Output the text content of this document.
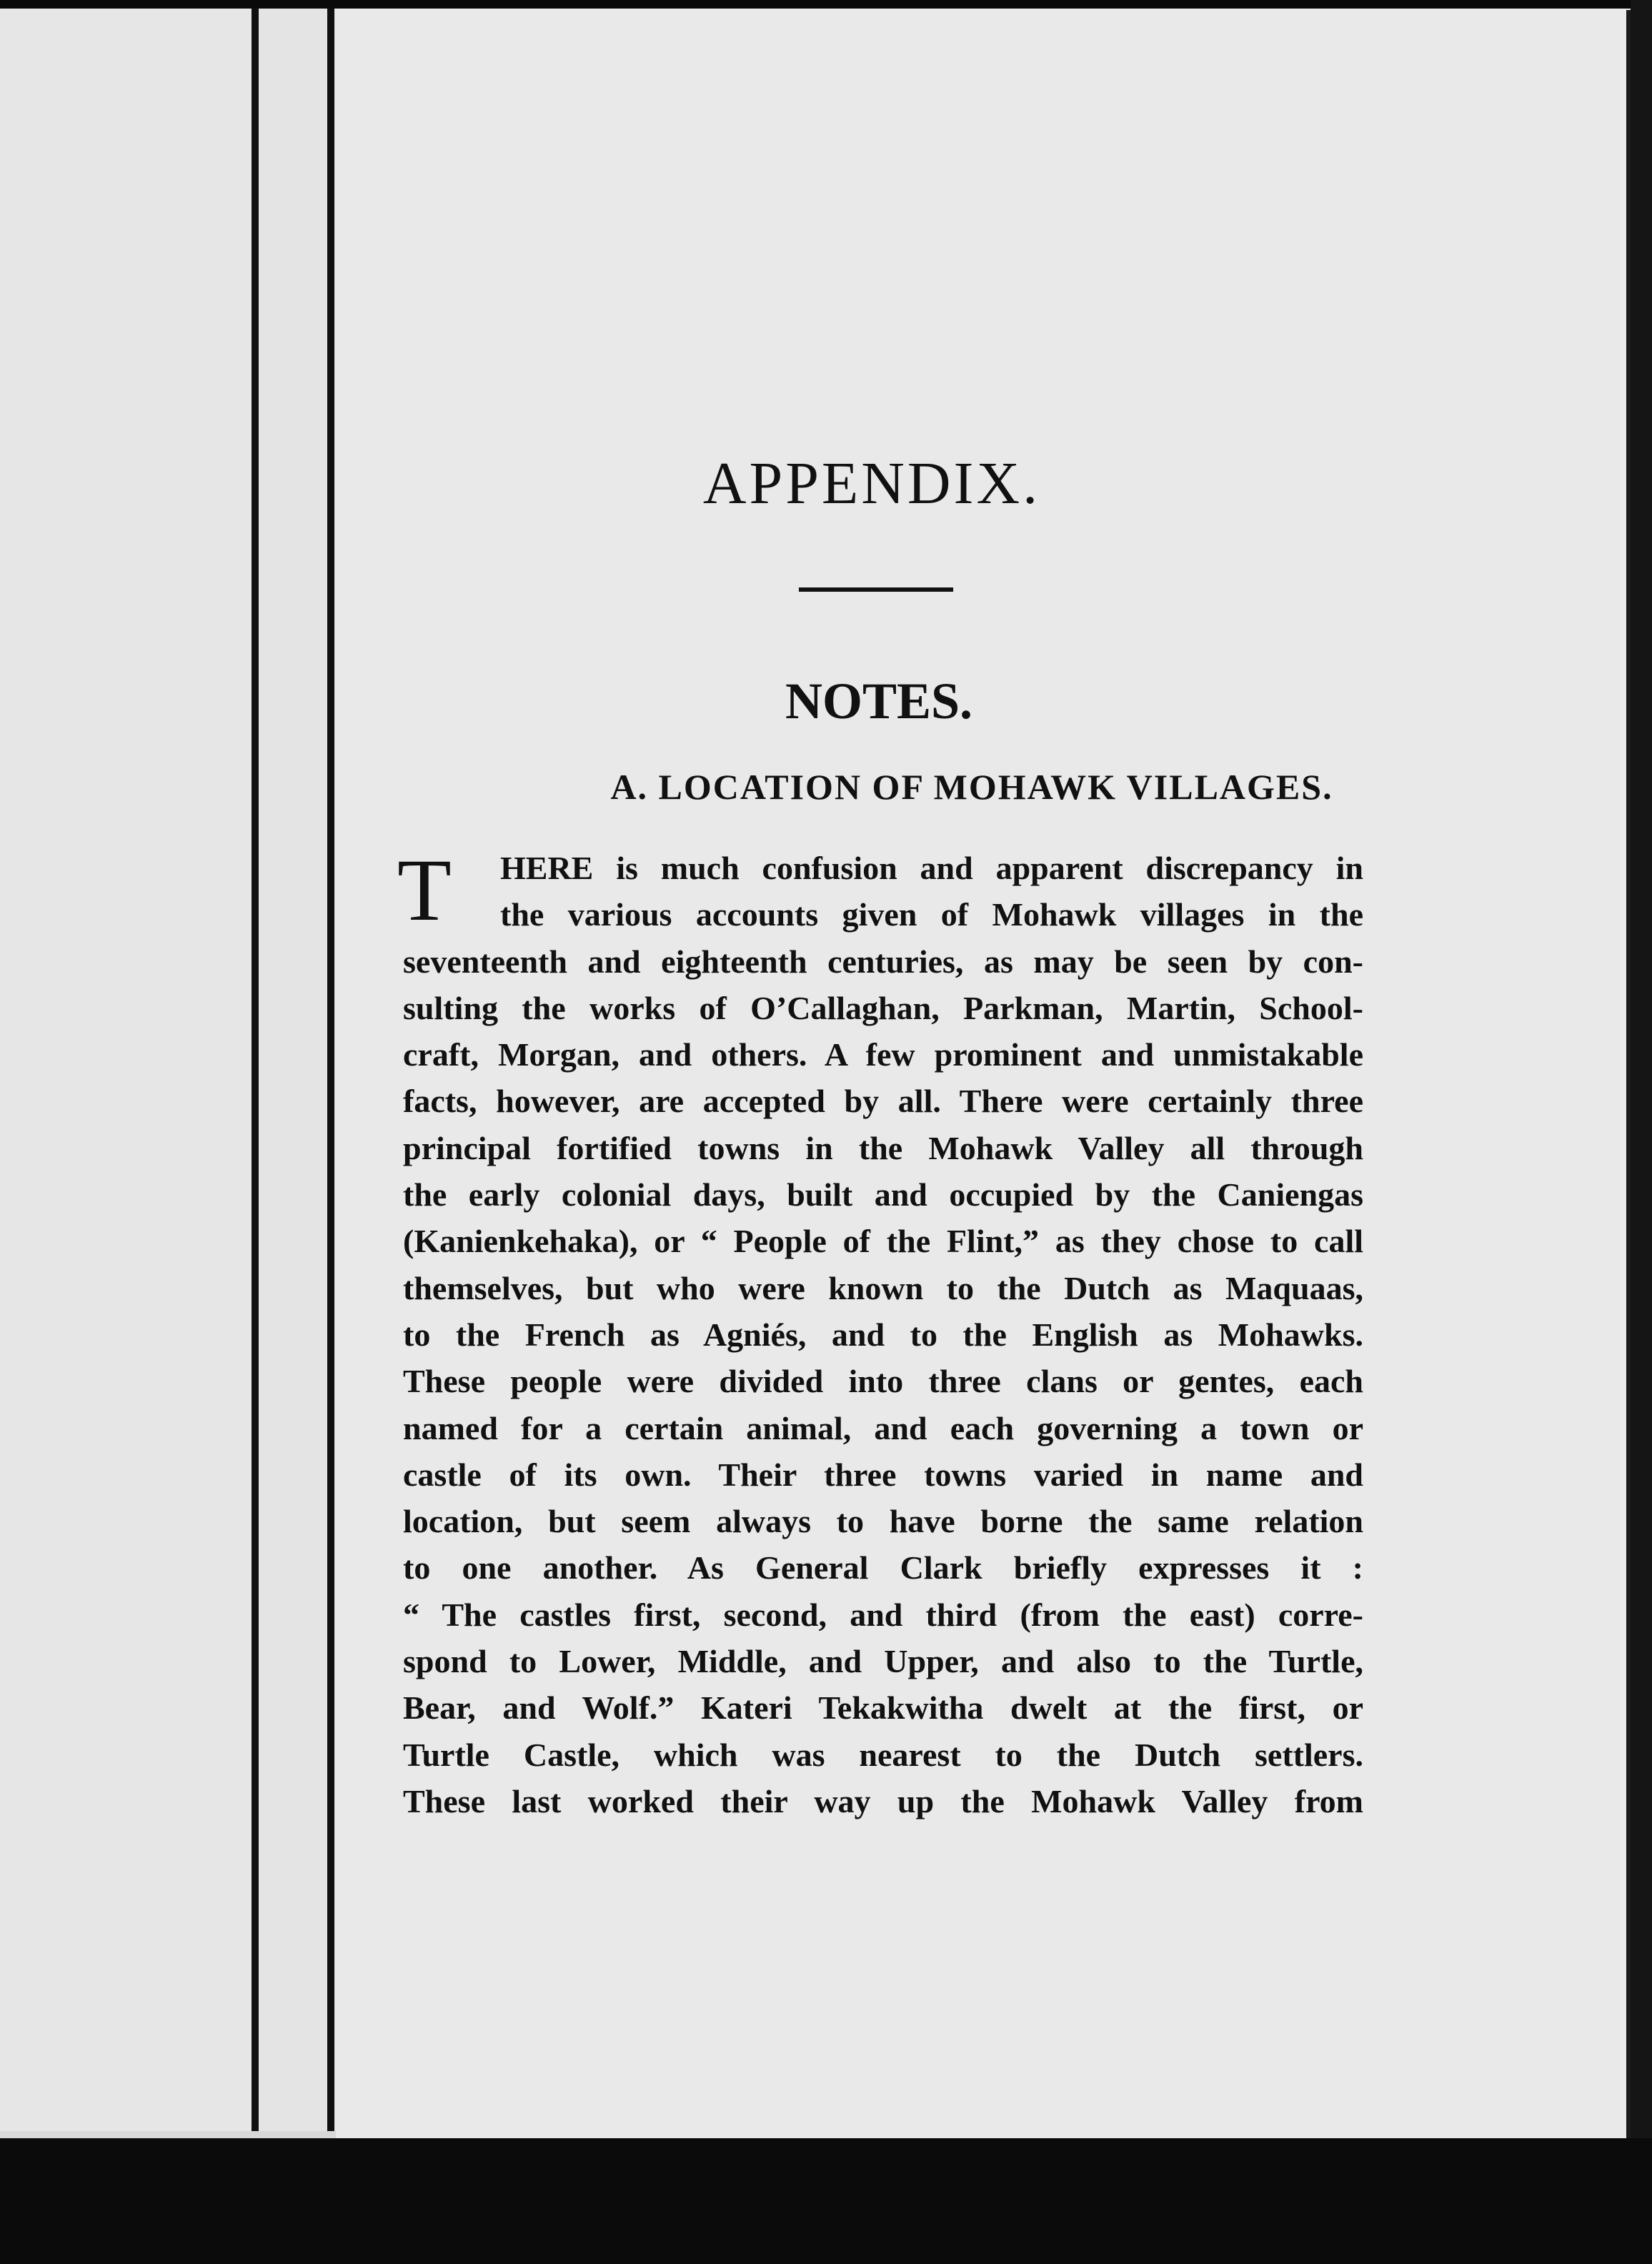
APPENDIX.
NOTES.
A. LOCATION OF MOHAWK VILLAGES.
T	HERE is much confusion and apparent discrepancy in
the various accounts given of Mohawk villages in the
seventeenth and eighteenth centuries, as may be seen by con-
sulting the works of O’Callaghan, Parkman, Martin, School-
craft, Morgan, and others. A few prominent and unmistakable
facts, however, are accepted by all. There were certainly three
principal fortified towns in the Mohawk Valley all through
the early colonial days, built and occupied by the Caniengas
(Kanienkehaka), or “ People of the Flint,” as they chose to call
themselves, but who were known to the Dutch as Maquaas,
to the French as Agniés, and to the English as Mohawks.
These people were divided into three clans or gentes, each
named for a certain animal, and each governing a town or
castle of its own. Their three towns varied in name and
location, but seem always to have borne the same relation
to one another. As General Clark briefly expresses it :
“ The castles first, second, and third (from the east) corre-
spond to Lower, Middle, and Upper, and also to the Turtle,
Bear, and Wolf.” Kateri Tekakwitha dwelt at the first, or
Turtle Castle, which was nearest to the Dutch settlers.
These last worked their way up the Mohawk Valley from
